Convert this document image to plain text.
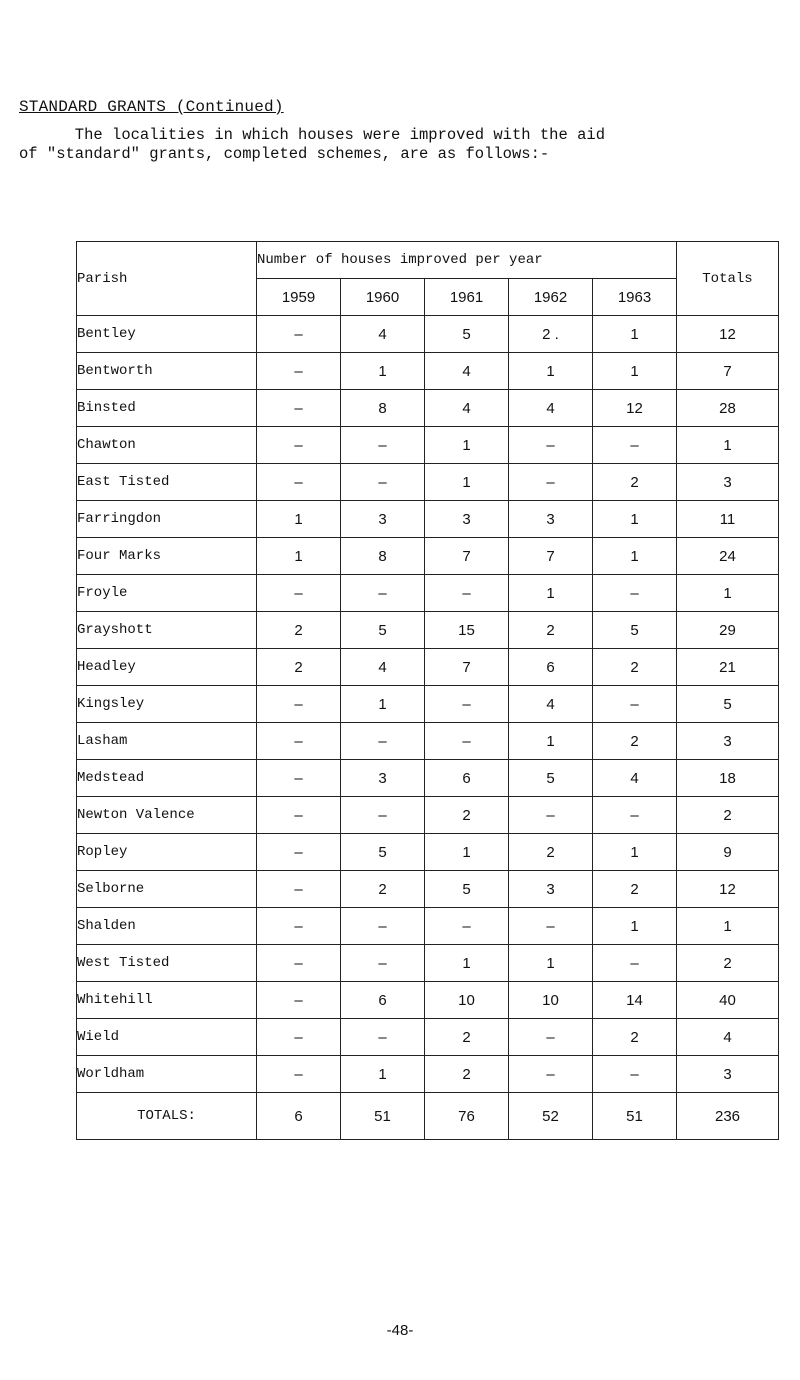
STANDARD GRANTS (Continued)
The localities in which houses were improved with the aid
of "standard" grants, completed schemes, are as follows:-
Parish	Number of houses improved per year					Totals
	1959	1960	1961	1962	1963	
Bentley	–	4	5	2 .	1	12
Bentworth	–	1	4	1	1	7
Binsted	–	8	4	4	12	28
Chawton	–	–	1	–	–	1
East Tisted	–	–	1	–	2	3
Farringdon	1	3	3	3	1	11
Four Marks	1	8	7	7	1	24
Froyle	–	–	–	1	–	1
Grayshott	2	5	15	2	5	29
Headley	2	4	7	6	2	21
Kingsley	–	1	–	4	–	5
Lasham	–	–	–	1	2	3
Medstead	–	3	6	5	4	18
Newton Valence	–	–	2	–	–	2
Ropley	–	5	1	2	1	9
Selborne	–	2	5	3	2	12
Shalden	–	–	–	–	1	1
West Tisted	–	–	1	1	–	2
Whitehill	–	6	10	10	14	40
Wield	–	–	2	–	2	4
Worldham	–	1	2	–	–	3
TOTALS:	6	51	76	52	51	236
-48-
